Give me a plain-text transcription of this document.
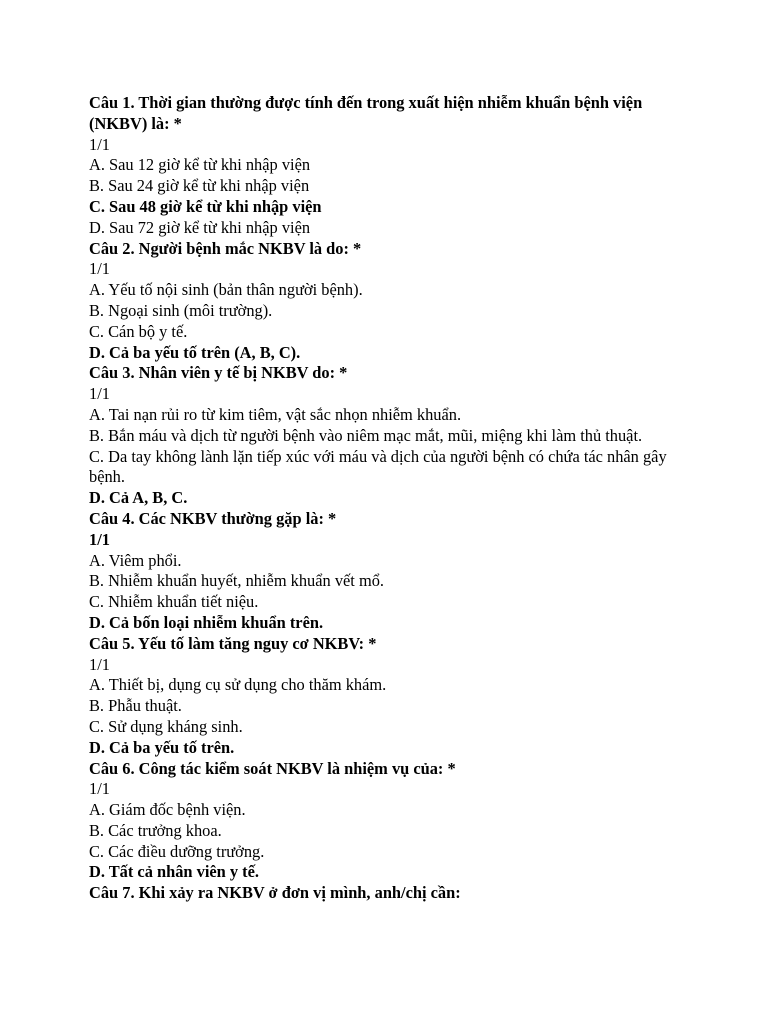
Câu 1. Thời gian thường được tính đến trong xuất hiện nhiễm khuẩn bệnh viện (NKBV) là: *

1/1

A. Sau 12 giờ kể từ khi nhập viện

B. Sau 24 giờ kể từ khi nhập viện

C. Sau 48 giờ kể từ khi nhập viện

D. Sau 72 giờ kể từ khi nhập viện

Câu 2. Người bệnh mắc NKBV là do: *

1/1

A. Yếu tố nội sinh (bản thân người bệnh).

B. Ngoại sinh (môi trường).

C. Cán bộ y tế.

D. Cả ba yếu tố trên (A, B, C).

Câu 3. Nhân viên y tế bị NKBV do: *

1/1

A. Tai nạn rủi ro từ kim tiêm, vật sắc nhọn nhiễm khuẩn.

B. Bắn máu và dịch từ người bệnh vào niêm mạc mắt, mũi, miệng khi làm thủ thuật.

C. Da tay không lành lặn tiếp xúc với máu và dịch của người bệnh có chứa tác nhân gây bệnh.

D. Cả A, B, C.

Câu 4. Các NKBV thường gặp là: *

1/1

A. Viêm phổi.

B. Nhiễm khuẩn huyết, nhiễm khuẩn vết mổ.

C. Nhiễm khuẩn tiết niệu.

D. Cả bốn loại nhiễm khuẩn trên.

Câu 5. Yếu tố làm tăng nguy cơ NKBV: *

1/1

A. Thiết bị, dụng cụ sử dụng cho thăm khám.

B. Phẫu thuật.

C. Sử dụng kháng sinh.

D. Cả ba yếu tố trên.

Câu 6. Công tác kiểm soát NKBV là nhiệm vụ của: *

1/1

A. Giám đốc bệnh viện.

B. Các trưởng khoa.

C. Các điều dưỡng trưởng.

D. Tất cả nhân viên y tế.

Câu 7. Khi xảy ra NKBV ở đơn vị mình, anh/chị cần:
